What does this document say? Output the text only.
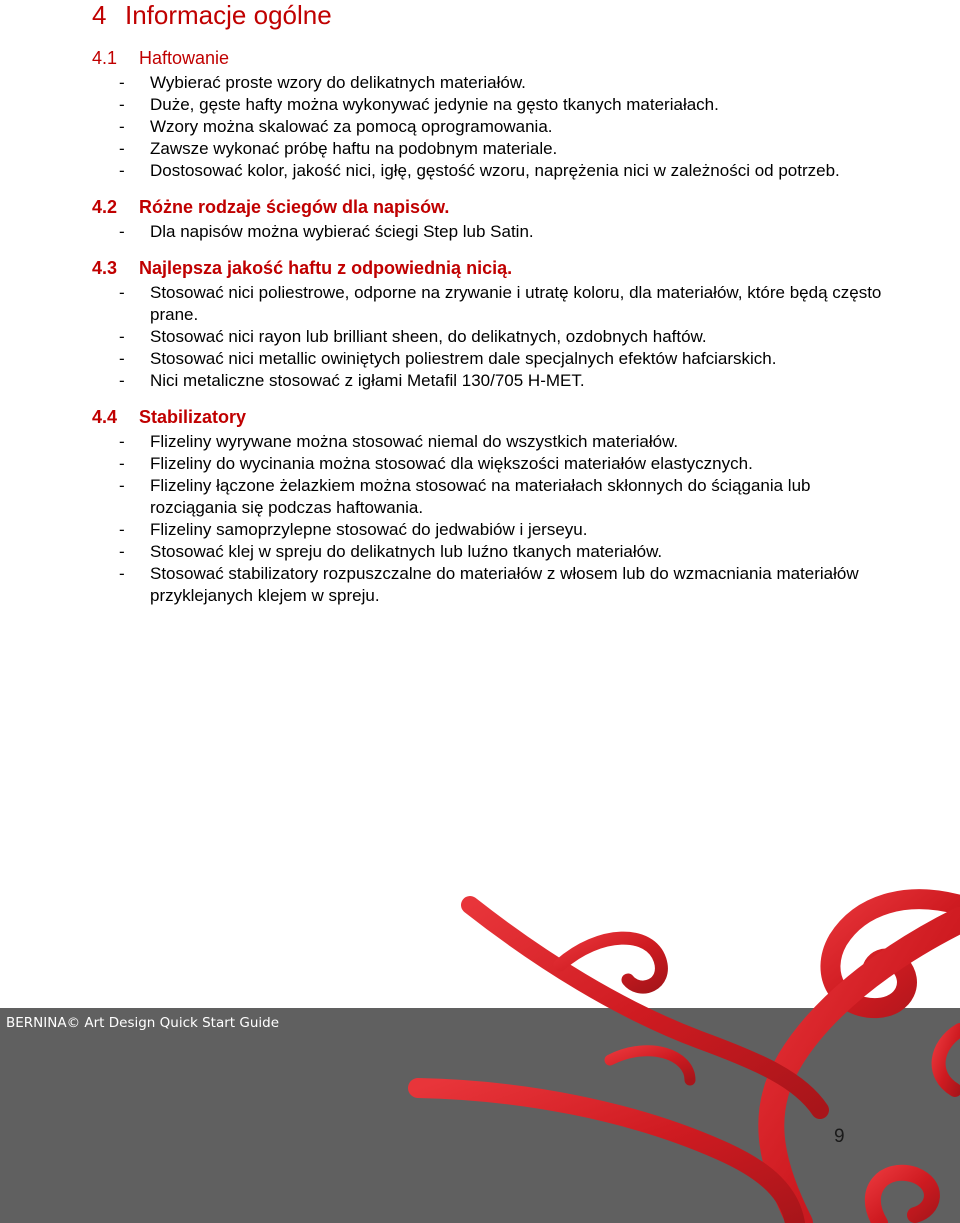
4 Informacje ogólne
4.1 Haftowanie
- Wybierać proste wzory do delikatnych materiałów.
- Duże, gęste hafty można wykonywać jedynie na gęsto tkanych materiałach.
- Wzory można skalować za pomocą oprogramowania.
- Zawsze wykonać próbę haftu na podobnym materiale.
- Dostosować kolor, jakość nici, igłę, gęstość wzoru, naprężenia nici w zależności od potrzeb.
4.2 Różne rodzaje ściegów dla napisów.
- Dla napisów można wybierać ściegi Step lub Satin.
4.3 Najlepsza jakość haftu z odpowiednią nicią.
- Stosować nici poliestrowe, odporne na zrywanie i utratę koloru, dla materiałów, które będą często prane.
- Stosować nici rayon lub brilliant sheen, do delikatnych, ozdobnych haftów.
- Stosować nici metallic owiniętych poliestrem dale specjalnych efektów hafciarskich.
- Nici metaliczne stosować z igłami Metafil 130/705 H-MET.
4.4 Stabilizatory
- Flizeliny wyrywane można stosować niemal do wszystkich materiałów.
- Flizeliny do wycinania można stosować dla większości materiałów elastycznych.
- Flizeliny łączone żelazkiem można stosować na materiałach skłonnych do ściągania lub rozciągania się podczas haftowania.
- Flizeliny samoprzylepne stosować do jedwabiów i jerseyu.
- Stosować klej w spreju do delikatnych lub luźno tkanych materiałów.
- Stosować stabilizatory rozpuszczalne do materiałów z włosem lub do wzmacniania materiałów przyklejanych klejem w spreju.
BERNINA© Art Design Quick Start Guide
9
